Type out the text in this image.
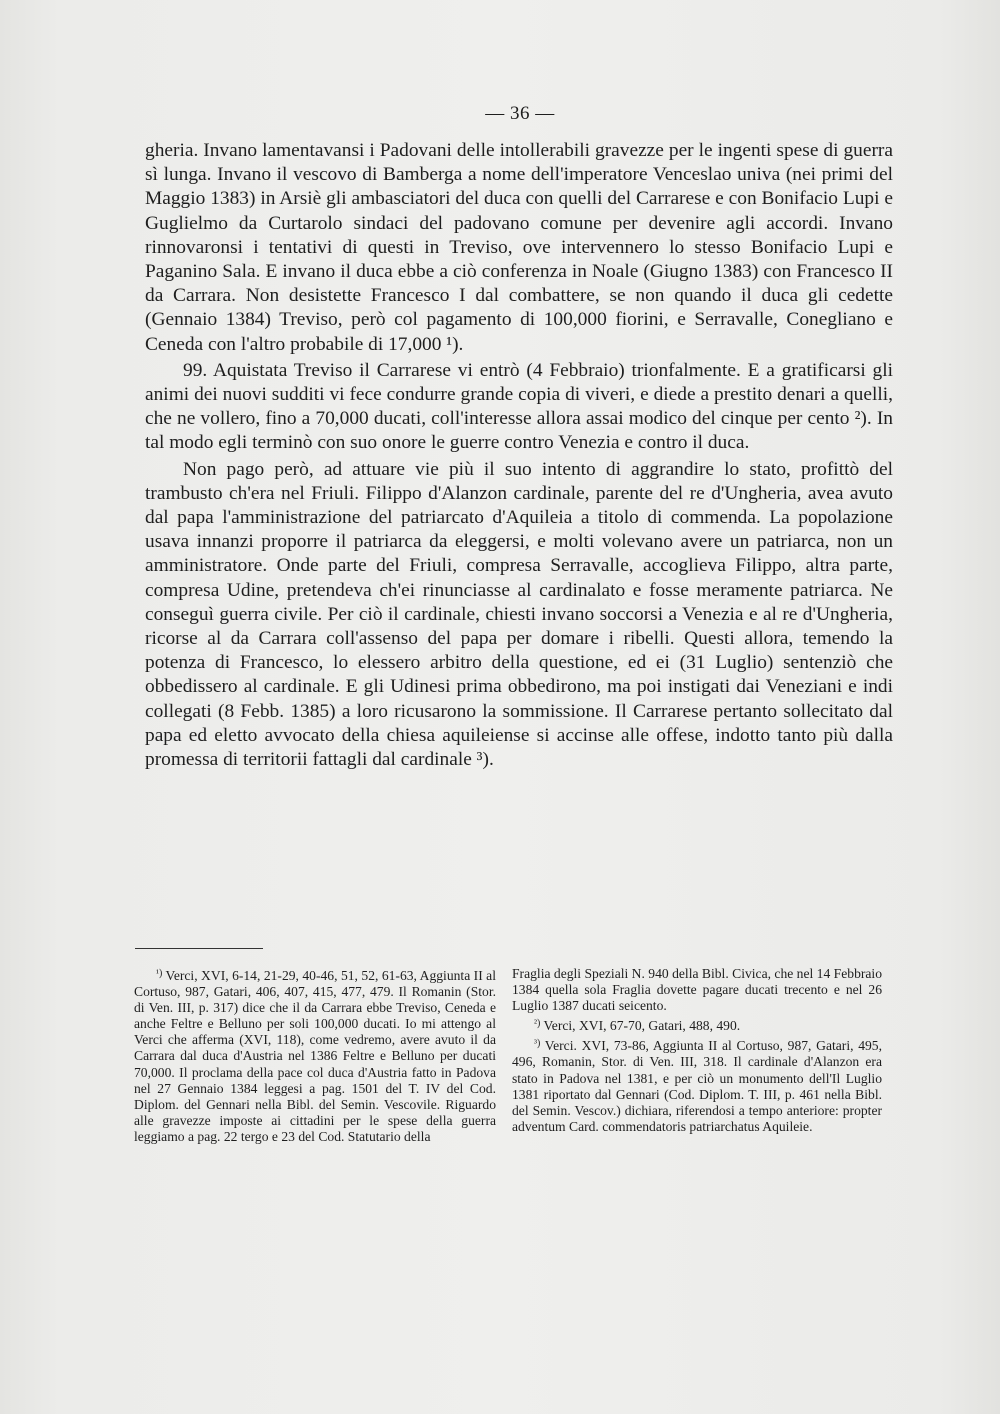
— 36 —

gheria. Invano lamentavansi i Padovani delle intollerabili gravezze per le ingenti spese di guerra sì lunga. Invano il vescovo di Bamberga a nome dell'imperatore Venceslao univa (nei primi del Maggio 1383) in Arsiè gli ambasciatori del duca con quelli del Carrarese e con Bonifacio Lupi e Guglielmo da Curtarolo sindaci del padovano comune per devenire agli accordi. Invano rinnovaronsi i tentativi di questi in Treviso, ove intervennero lo stesso Bonifacio Lupi e Paganino Sala. E invano il duca ebbe a ciò conferenza in Noale (Giugno 1383) con Francesco II da Carrara. Non desistette Francesco I dal combattere, se non quando il duca gli cedette (Gennaio 1384) Treviso, però col pagamento di 100,000 fiorini, e Serravalle, Conegliano e Ceneda con l'altro probabile di 17,000 ¹).

99. Aquistata Treviso il Carrarese vi entrò (4 Febbraio) trionfalmente. E a gratificarsi gli animi dei nuovi sudditi vi fece condurre grande copia di viveri, e diede a prestito denari a quelli, che ne vollero, fino a 70,000 ducati, coll'interesse allora assai modico del cinque per cento ²). In tal modo egli terminò con suo onore le guerre contro Venezia e contro il duca.

Non pago però, ad attuare vie più il suo intento di aggrandire lo stato, profittò del trambusto ch'era nel Friuli. Filippo d'Alanzon cardinale, parente del re d'Ungheria, avea avuto dal papa l'amministrazione del patriarcato d'Aquileia a titolo di commenda. La popolazione usava innanzi proporre il patriarca da eleggersi, e molti volevano avere un patriarca, non un amministratore. Onde parte del Friuli, compresa Serravalle, accoglieva Filippo, altra parte, compresa Udine, pretendeva ch'ei rinunciasse al cardinalato e fosse meramente patriarca. Ne conseguì guerra civile. Per ciò il cardinale, chiesti invano soccorsi a Venezia e al re d'Ungheria, ricorse al da Carrara coll'assenso del papa per domare i ribelli. Questi allora, temendo la potenza di Francesco, lo elessero arbitro della questione, ed ei (31 Luglio) sentenziò che obbedissero al cardinale. E gli Udinesi prima obbedirono, ma poi instigati dai Veneziani e indi collegati (8 Febb. 1385) a loro ricusarono la sommissione. Il Carrarese pertanto sollecitato dal papa ed eletto avvocato della chiesa aquileiense si accinse alle offese, indotto tanto più dalla promessa di territorii fattagli dal cardinale ³).

$^{^1)}$ Verci, XVI, 6-14, 21-29, 40-46, 51, 52, 61-63, Aggiunta II al Cortuso, 987, Gatari, 406, 407, 415, 477, 479. Il Romanin (Stor. di Ven. III, p. 317) dice che il da Carrara ebbe Treviso, Ceneda e anche Feltre e Belluno per soli 100,000 ducati. Io mi attengo al Verci che afferma (XVI, 118), come vedremo, avere avuto il da Carrara dal duca d'Austria nel 1386 Feltre e Belluno per ducati 70,000. Il proclama della pace col duca d'Austria fatto in Padova nel 27 Gennaio 1384 leggesi a pag. 1501 del T. IV del Cod. Diplom. del Gennari nella Bibl. del Semin. Vescovile. Riguardo alle gravezze imposte ai cittadini per le spese della guerra leggiamo a pag. 22 tergo e 23 del Cod. Statutario della

Fraglia degli Speziali N. 940 della Bibl. Civica, che nel 14 Febbraio 1384 quella sola Fraglia dovette pagare ducati trecento e nel 26 Luglio 1387 ducati seicento.

$^{^2)}$ Verci, XVI, 67-70, Gatari, 488, 490.

$^{^3)}$ Verci. XVI, 73-86, Aggiunta II al Cortuso, 987, Gatari, 495, 496, Romanin, Stor. di Ven. III, 318. Il cardinale d'Alanzon era stato in Padova nel 1381, e per ciò un monumento dell'Il Luglio 1381 riportato dal Gennari (Cod. Diplom. T. III, p. 461 nella Bibl. del Semin. Vescov.) dichiara, riferendosi a tempo anteriore: propter adventum Card. commendatoris patriarchatus Aquileie.
